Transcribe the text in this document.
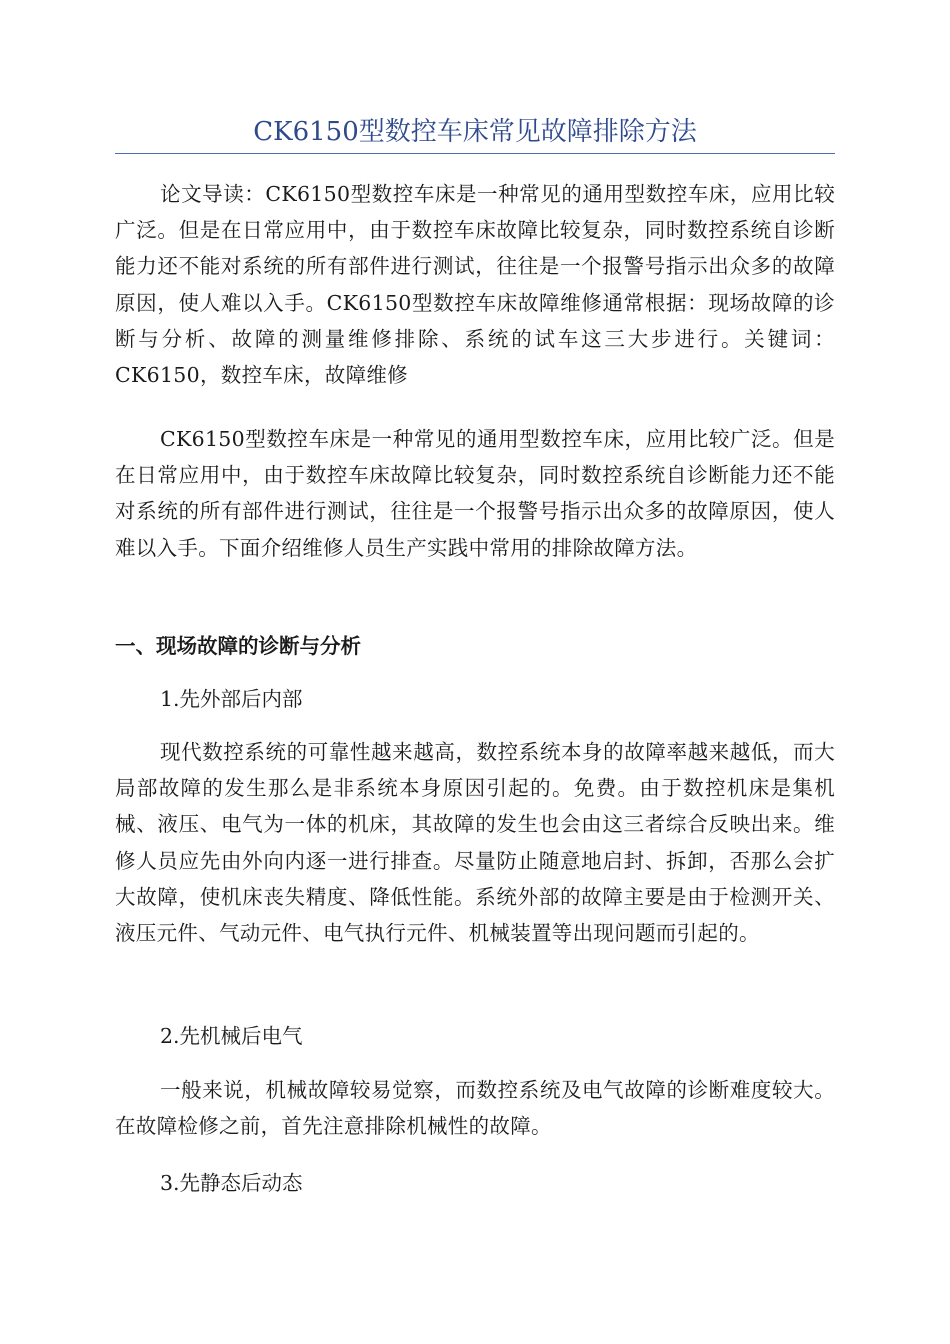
CK6150型数控车床常见故障排除方法

论文导读：CK6150型数控车床是一种常见的通用型数控车床，应用比较广泛。但是在日常应用中，由于数控车床故障比较复杂，同时数控系统自诊断能力还不能对系统的所有部件进行测试，往往是一个报警号指示出众多的故障原因，使人难以入手。CK6150型数控车床故障维修通常根据：现场故障的诊断与分析、故障的测量维修排除、系统的试车这三大步进行。关键词：CK6150，数控车床，故障维修

CK6150型数控车床是一种常见的通用型数控车床，应用比较广泛。但是在日常应用中，由于数控车床故障比较复杂，同时数控系统自诊断能力还不能对系统的所有部件进行测试，往往是一个报警号指示出众多的故障原因，使人难以入手。下面介绍维修人员生产实践中常用的排除故障方法。

一、现场故障的诊断与分析

1.先外部后内部

现代数控系统的可靠性越来越高，数控系统本身的故障率越来越低，而大局部故障的发生那么是非系统本身原因引起的。免费。由于数控机床是集机械、液压、电气为一体的机床，其故障的发生也会由这三者综合反映出来。维修人员应先由外向内逐一进行排查。尽量防止随意地启封、拆卸，否那么会扩大故障，使机床丧失精度、降低性能。系统外部的故障主要是由于检测开关、液压元件、气动元件、电气执行元件、机械装置等出现问题而引起的。

2.先机械后电气

一般来说，机械故障较易觉察，而数控系统及电气故障的诊断难度较大。在故障检修之前，首先注意排除机械性的故障。

3.先静态后动态
